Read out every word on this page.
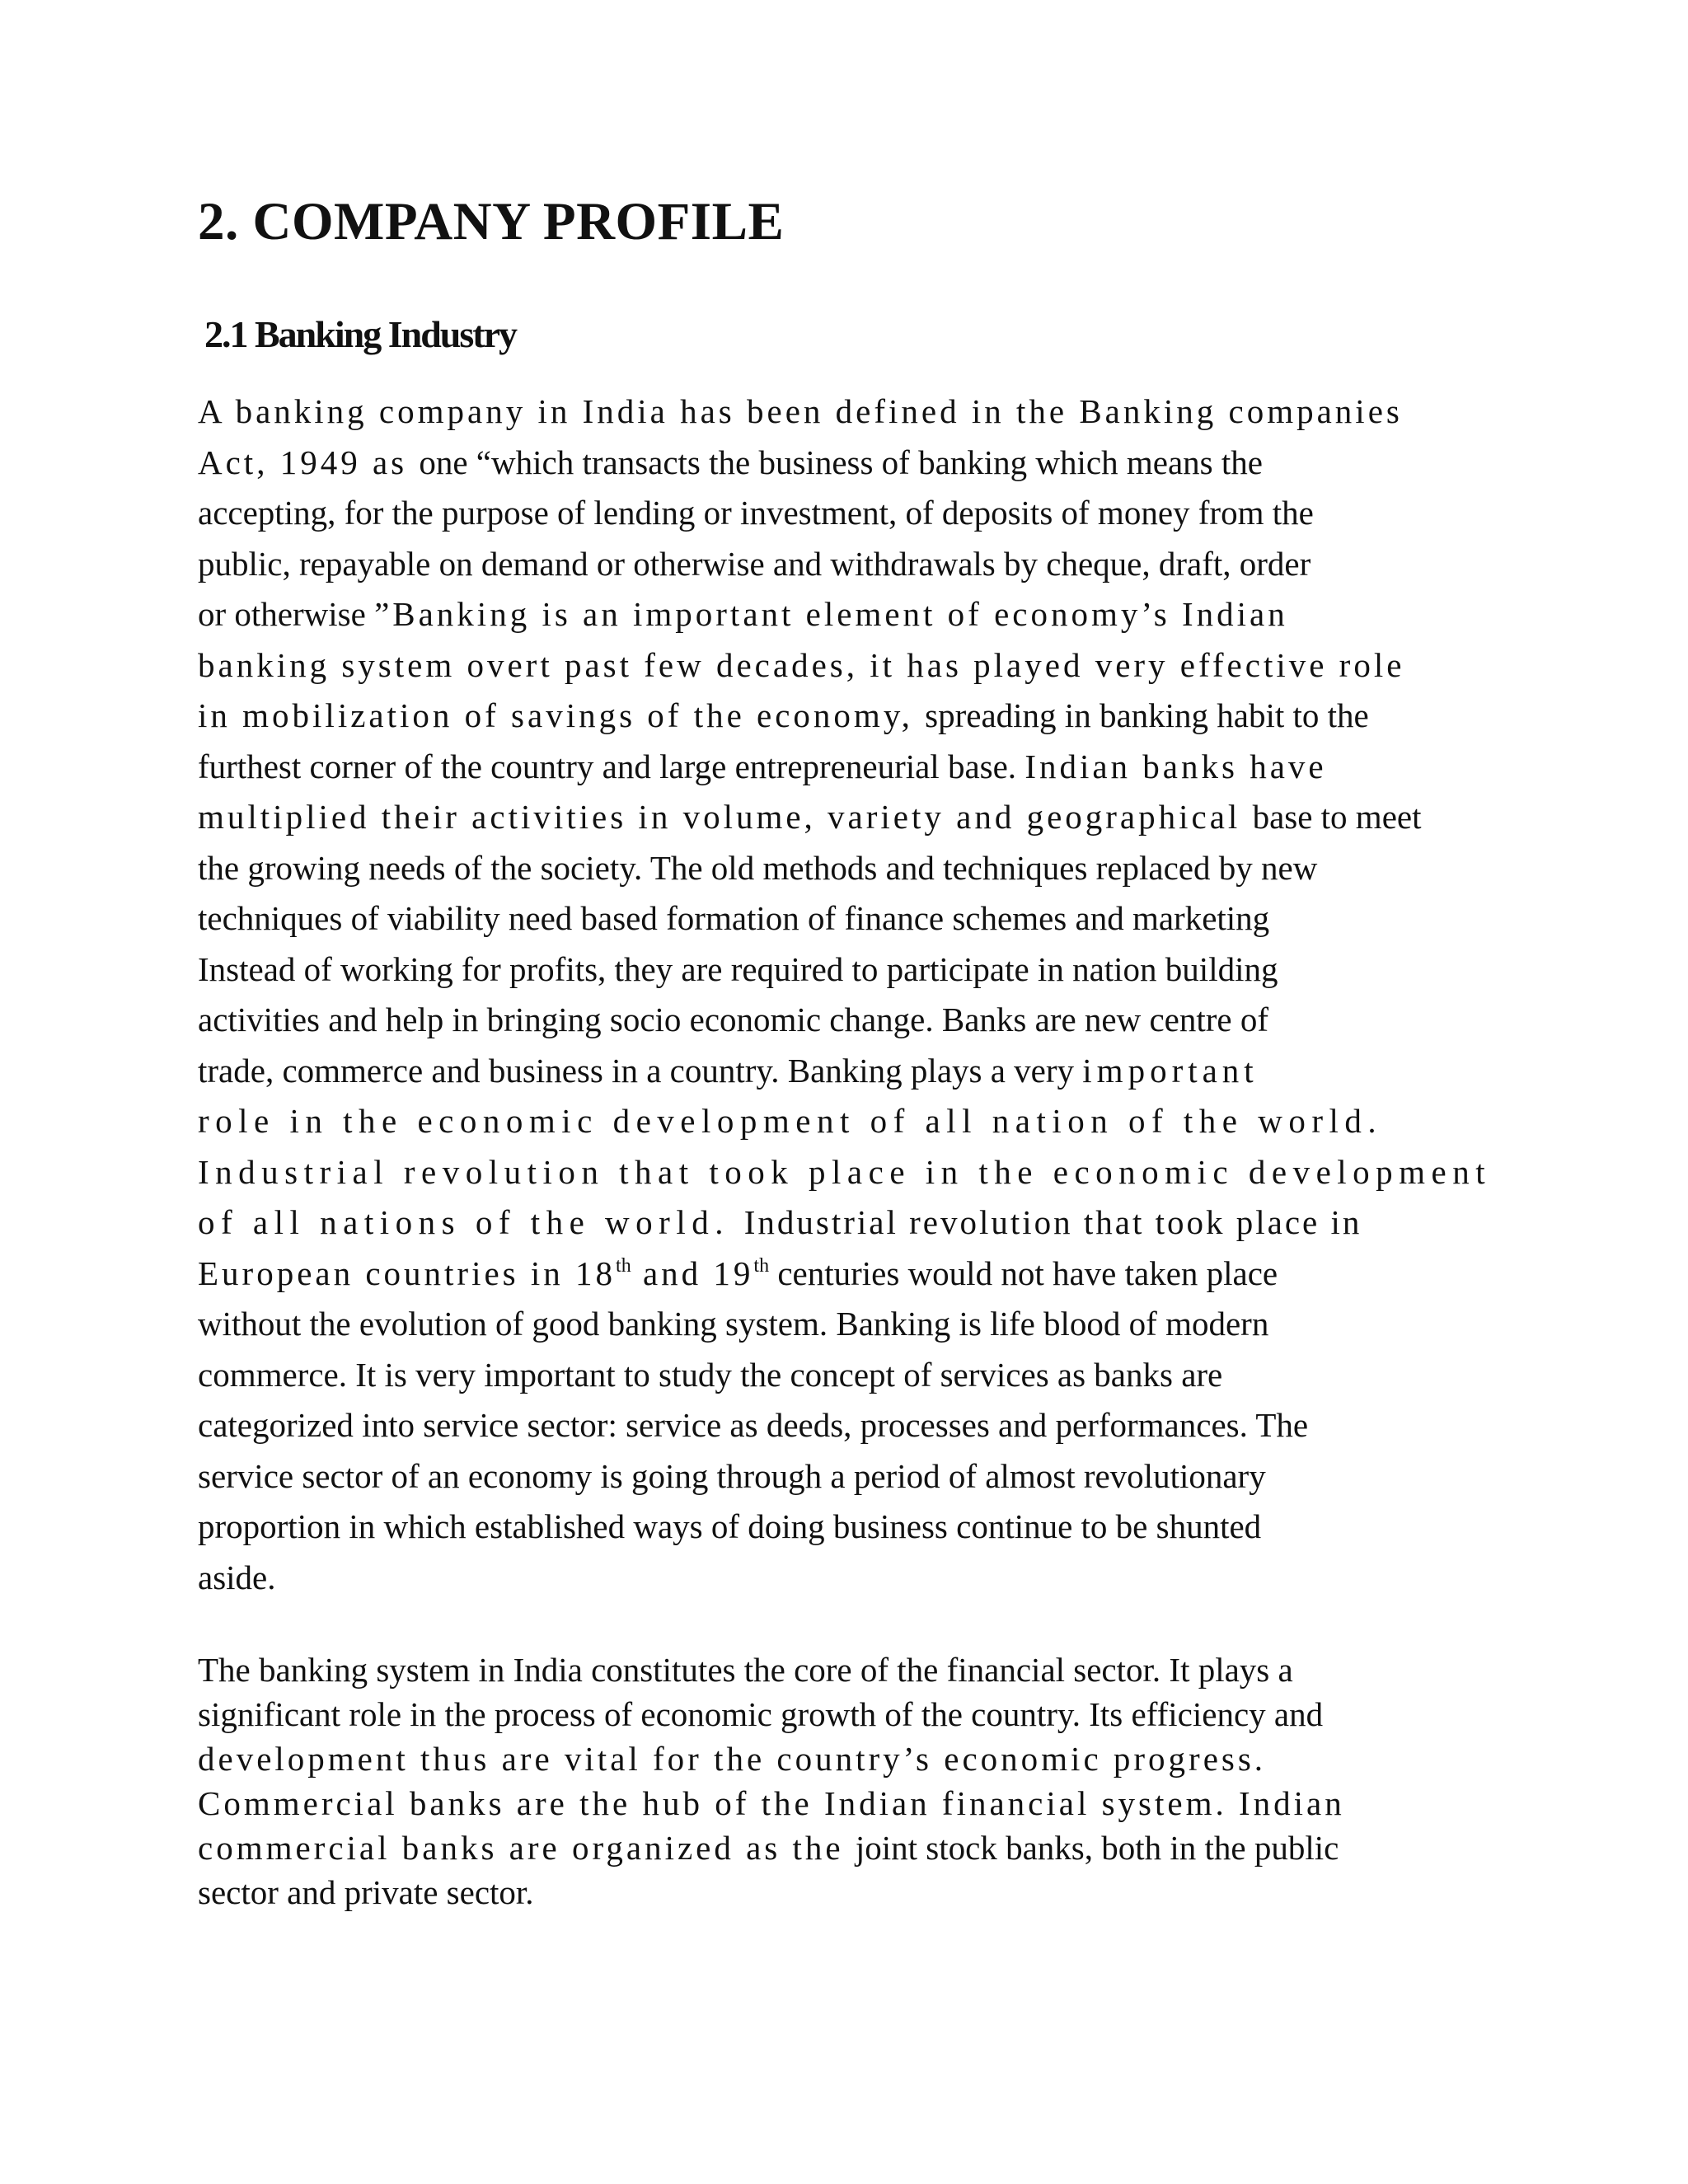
2. COMPANY PROFILE
2.1 Banking Industry
A banking company in India has been defined in the Banking companies
Act, 1949 as one “which transacts the business of banking which means the
accepting, for the purpose of lending or investment, of deposits of money from the
public, repayable on demand or otherwise and withdrawals by cheque, draft, order
or otherwise ”Banking is an important element of economy’s Indian
banking system overt past few decades, it has played very effective role
in mobilization of savings of the economy, spreading in banking habit to the
furthest corner of the country and large entrepreneurial base. Indian banks have
multiplied their activities in volume, variety and geographical base to meet
the growing needs of the society. The old methods and techniques replaced by new
techniques of viability need based formation of finance schemes and marketing
Instead of working for profits, they are required to participate in nation building
activities and help in bringing socio economic change. Banks are new centre of
trade, commerce and business in a country. Banking plays a very important
role in the economic development of all nation of the world.
Industrial revolution that took place in the economic development
of all nations of the world. Industrial revolution that took place in
European countries in 18th and 19th centuries would not have taken place
without the evolution of good banking system. Banking is life blood of modern
commerce. It is very important to study the concept of services as banks are
categorized into service sector: service as deeds, processes and performances. The
service sector of an economy is going through a period of almost revolutionary
proportion in which established ways of doing business continue to be shunted
aside.
The banking system in India constitutes the core of the financial sector. It plays a
significant role in the process of economic growth of the country. Its efficiency and
development thus are vital for the country’s economic progress.
Commercial banks are the hub of the Indian financial system. Indian
commercial banks are organized as the joint stock banks, both in the public
sector and private sector.
